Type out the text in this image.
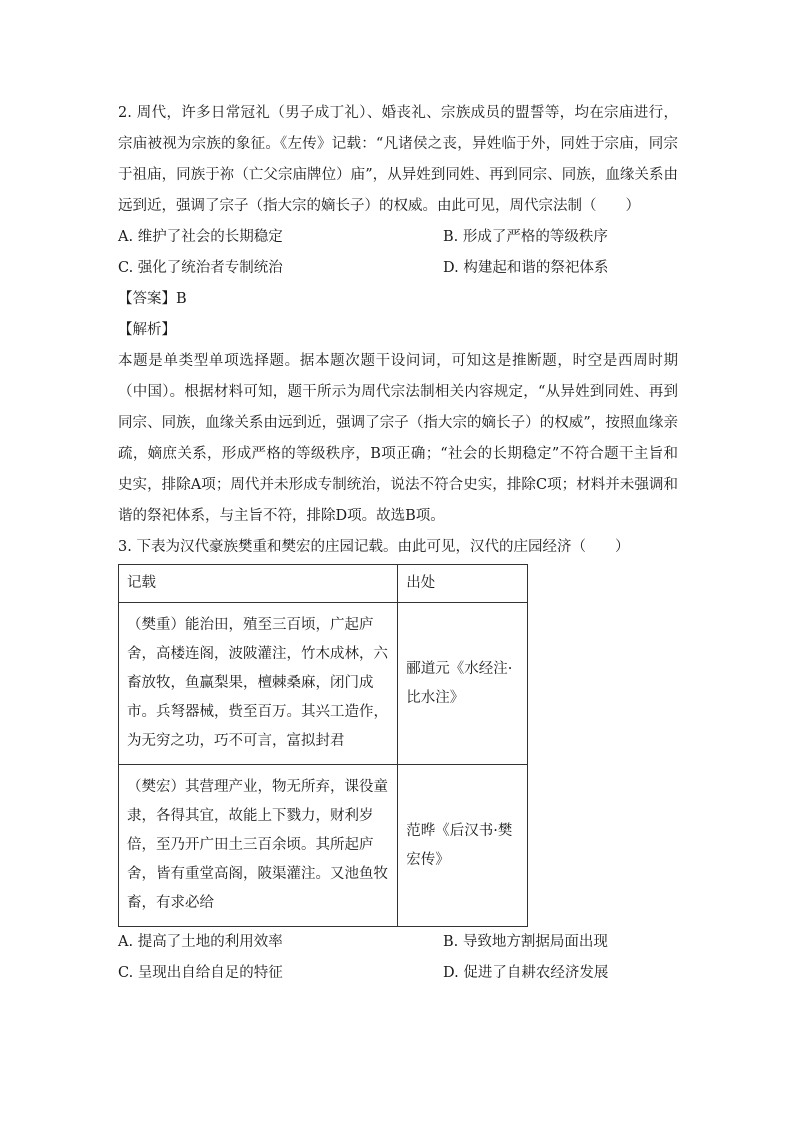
2. 周代，许多日常冠礼（男子成丁礼）、婚丧礼、宗族成员的盟誓等，均在宗庙进行，宗庙被视为宗族的象征。《左传》记载：“凡诸侯之丧，异姓临于外，同姓于宗庙，同宗于祖庙，同族于祢（亡父宗庙牌位）庙”，从异姓到同姓、再到同宗、同族，血缘关系由远到近，强调了宗子（指大宗的嫡长子）的权威。由此可见，周代宗法制（　　）

A. 维护了社会的长期稳定	B. 形成了严格的等级秩序
C. 强化了统治者专制统治	D. 构建起和谐的祭祀体系
【答案】B
【解析】

本题是单类型单项选择题。据本题次题干设问词，可知这是推断题，时空是西周时期（中国）。根据材料可知，题干所示为周代宗法制相关内容规定，“从异姓到同姓、再到同宗、同族，血缘关系由远到近，强调了宗子（指大宗的嫡长子）的权威”，按照血缘亲疏，嫡庶关系，形成严格的等级秩序，B项正确；“社会的长期稳定”不符合题干主旨和史实，排除A项；周代并未形成专制统治，说法不符合史实，排除C项；材料并未强调和谐的祭祀体系，与主旨不符，排除D项。故选B项。

3. 下表为汉代豪族樊重和樊宏的庄园记载。由此可见，汉代的庄园经济（　　）

记载	出处
（樊重）能治田，殖至三百顷，广起庐舍，高楼连阁，波陂灌注，竹木成林，六畜放牧，鱼赢梨果，檀棘桑麻，闭门成市。兵弩器械，赀至百万。其兴工造作，为无穷之功，巧不可言，富拟封君	郦道元《水经注·比水注》
（樊宏）其营理产业，物无所弃，课役童隶，各得其宜，故能上下戮力，财利岁倍，至乃开广田土三百余顷。其所起庐舍，皆有重堂高阁，陂渠灌注。又池鱼牧畜，有求必给	范晔《后汉书·樊宏传》
A. 提高了土地的利用效率	B. 导致地方割据局面出现
C. 呈现出自给自足的特征	D. 促进了自耕农经济发展
